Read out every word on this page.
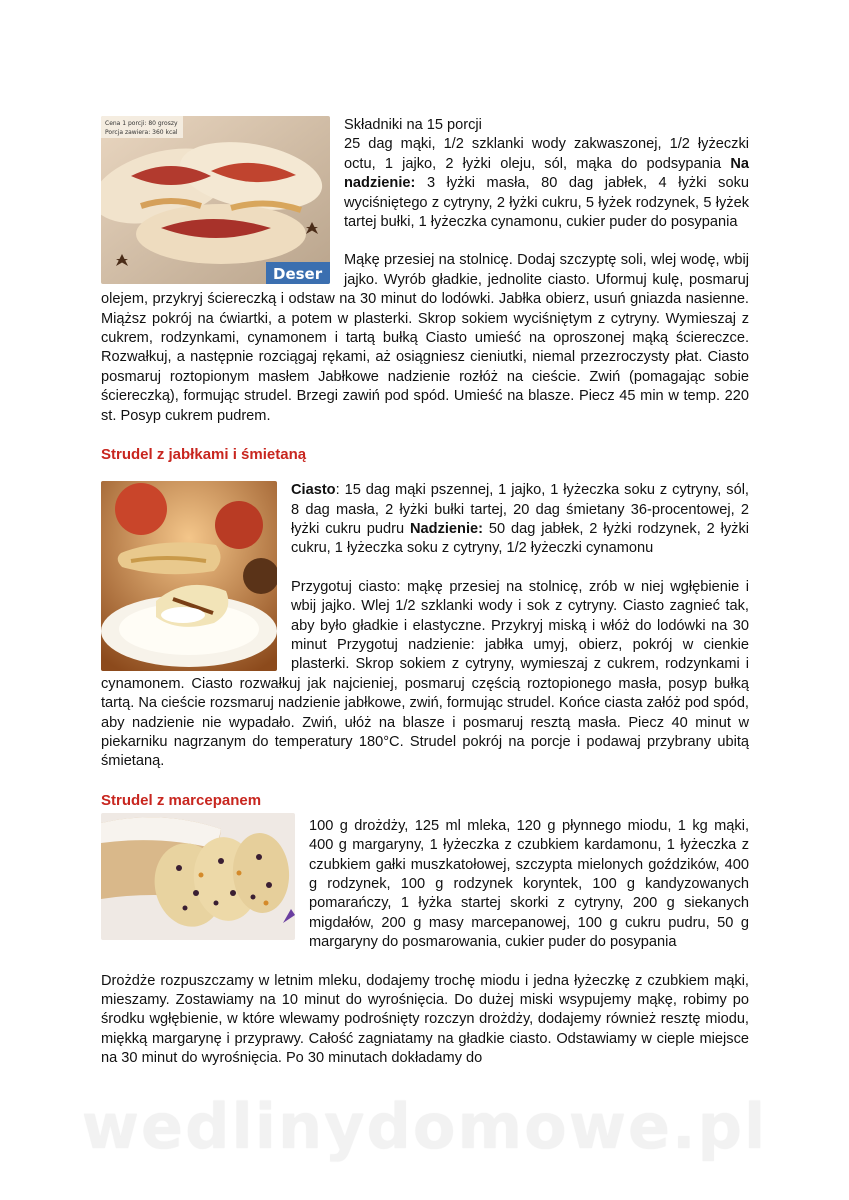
Cena 1 porcji: 80 groszy
Porcja zawiera: 360 kcal
Deser

Składniki na 15 porcji

25 dag mąki, 1/2 szklanki wody zakwaszonej, 1/2 łyżeczki octu, 1 jajko, 2 łyżki oleju, sól, mąka do podsypania Na nadzienie: 3 łyżki masła, 80 dag jabłek, 4 łyżki soku wyciśniętego z cytryny, 2 łyżki cukru, 5 łyżek rodzynek, 5 łyżek tartej bułki, 1 łyżeczka cynamonu, cukier puder do posypania

Mąkę przesiej na stolnicę. Dodaj szczyptę soli, wlej wodę, wbij jajko. Wyrób gładkie, jednolite ciasto. Uformuj kulę, posmaruj olejem, przykryj ściereczką i odstaw na 30 minut do lodówki. Jabłka obierz, usuń gniazda nasienne. Miąższ pokrój na ćwiartki, a potem w plasterki. Skrop sokiem wyciśniętym z cytryny. Wymieszaj z cukrem, rodzynkami, cynamonem i tartą bułką Ciasto umieść na oproszonej mąką ściereczce. Rozwałkuj, a następnie rozciągaj rękami, aż osiągniesz cieniutki, niemal przezroczysty płat. Ciasto posmaruj roztopionym masłem Jabłkowe nadzienie rozłóż na cieście. Zwiń (pomagając sobie ściereczką), formując strudel. Brzegi zawiń pod spód. Umieść na blasze. Piecz 45 min w temp. 220 st. Posyp cukrem pudrem.

Strudel z jabłkami i śmietaną

Ciasto: 15 dag mąki pszennej, 1 jajko, 1 łyżeczka soku z cytryny, sól, 8 dag masła, 2 łyżki bułki tartej, 20 dag śmietany 36-procentowej, 2 łyżki cukru pudru Nadzienie: 50 dag jabłek, 2 łyżki rodzynek, 2 łyżki cukru, 1 łyżeczka soku z cytryny, 1/2 łyżeczki cynamonu

Przygotuj ciasto: mąkę przesiej na stolnicę, zrób w niej wgłębienie i wbij jajko. Wlej 1/2 szklanki wody i sok z cytryny. Ciasto zagnieć tak, aby było gładkie i elastyczne. Przykryj miską i włóż do lodówki na 30 minut Przygotuj nadzienie: jabłka umyj, obierz, pokrój w cienkie plasterki. Skrop sokiem z cytryny, wymieszaj z cukrem, rodzynkami i cynamonem. Ciasto rozwałkuj jak najcieniej, posmaruj częścią roztopionego masła, posyp bułką tartą. Na cieście rozsmaruj nadzienie jabłkowe, zwiń, formując strudel. Końce ciasta załóż pod spód, aby nadzienie nie wypadało. Zwiń, ułóż na blasze i posmaruj resztą masła. Piecz 40 minut w piekarniku nagrzanym do temperatury 180°C. Strudel pokrój na porcje i podawaj przybrany ubitą śmietaną.

Strudel z marcepanem

100 g drożdży, 125 ml mleka, 120 g płynnego miodu, 1 kg mąki, 400 g margaryny, 1 łyżeczka z czubkiem kardamonu, 1 łyżeczka z czubkiem gałki muszkatołowej, szczypta mielonych goździków, 400 g rodzynek, 100 g rodzynek koryntek, 100 g kandyzowanych pomarańczy, 1 łyżka startej skorki z cytryny, 200 g siekanych migdałów, 200 g masy marcepanowej, 100 g cukru pudru, 50 g margaryny do posmarowania, cukier puder do posypania

Drożdże rozpuszczamy w letnim mleku, dodajemy trochę miodu i jedna łyżeczkę z czubkiem mąki, mieszamy. Zostawiamy na 10 minut do wyrośnięcia. Do dużej miski wsypujemy mąkę, robimy po środku wgłębienie, w które wlewamy podrośnięty rozczyn drożdży, dodajemy również resztę miodu, miękką margarynę i przyprawy. Całość zagniatamy na gładkie ciasto. Odstawiamy w cieple miejsce na 30 minut do wyrośnięcia. Po 30 minutach dokładamy do

wedlinydomowe.pl
